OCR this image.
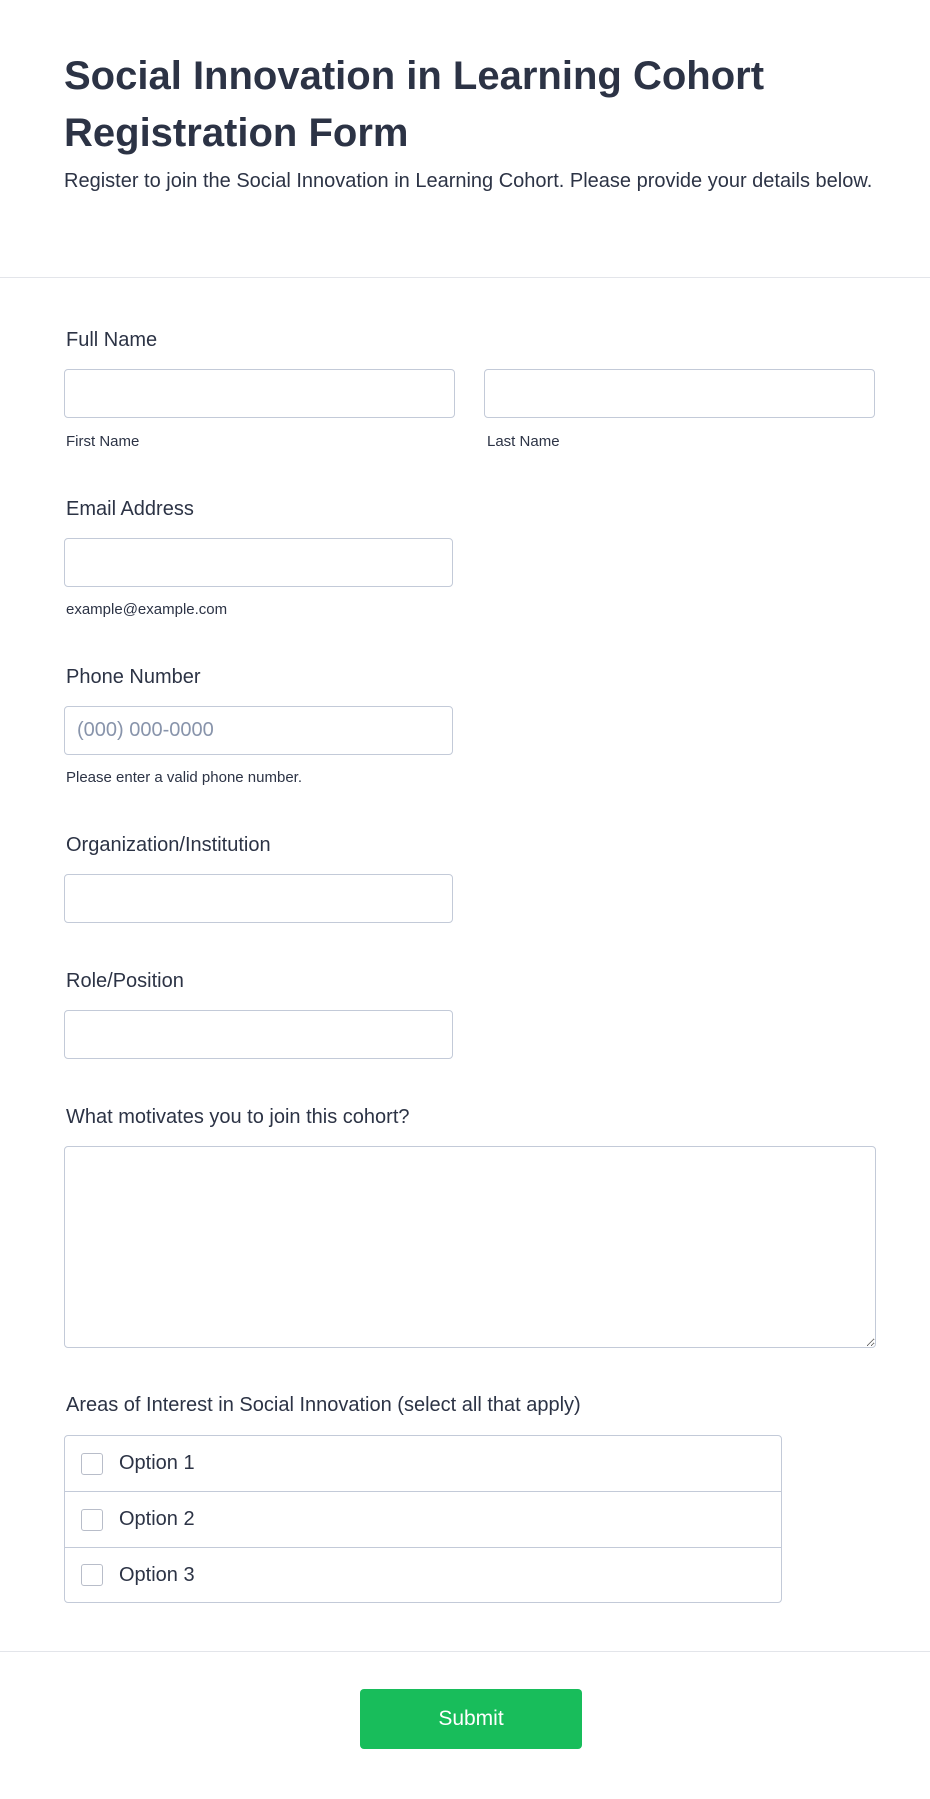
Social Innovation in Learning Cohort Registration Form

Register to join the Social Innovation in Learning Cohort. Please provide your details below.

Full Name
First Name	Last Name
Email Address
example@example.com
Phone Number
(000) 000-0000
Please enter a valid phone number.
Organization/Institution
Role/Position
What motivates you to join this cohort?
Areas of Interest in Social Innovation (select all that apply)
Option 1
Option 2
Option 3
Submit
